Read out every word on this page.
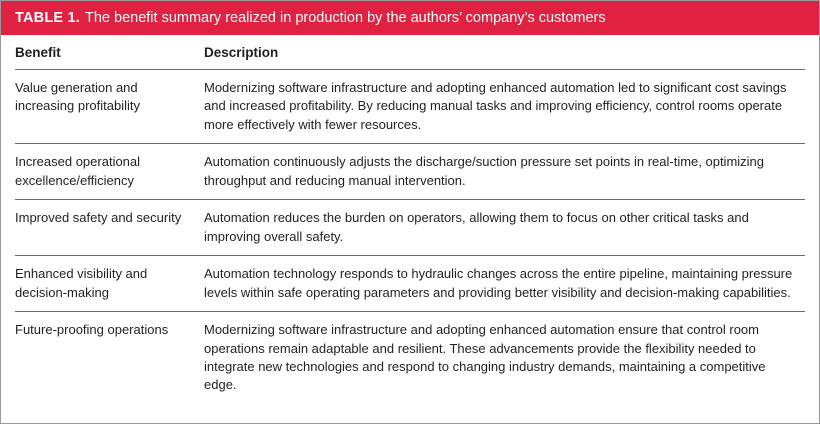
TABLE 1. The benefit summary realized in production by the authors’ company’s customers
Benefit	Description
Value generation and increasing profitability	Modernizing software infrastructure and adopting enhanced automation led to significant cost savings and increased profitability. By reducing manual tasks and improving efficiency, control rooms operate more effectively with fewer resources.
Increased operational excellence/efficiency	Automation continuously adjusts the discharge/suction pressure set points in real-time, optimizing throughput and reducing manual intervention.
Improved safety and security	Automation reduces the burden on operators, allowing them to focus on other critical tasks and improving overall safety.
Enhanced visibility and decision-making	Automation technology responds to hydraulic changes across the entire pipeline, maintaining pressure levels within safe operating parameters and providing better visibility and decision-making capabilities.
Future-proofing operations	Modernizing software infrastructure and adopting enhanced automation ensure that control room operations remain adaptable and resilient. These advancements provide the flexibility needed to integrate new technologies and respond to changing industry demands, maintaining a competitive edge.
